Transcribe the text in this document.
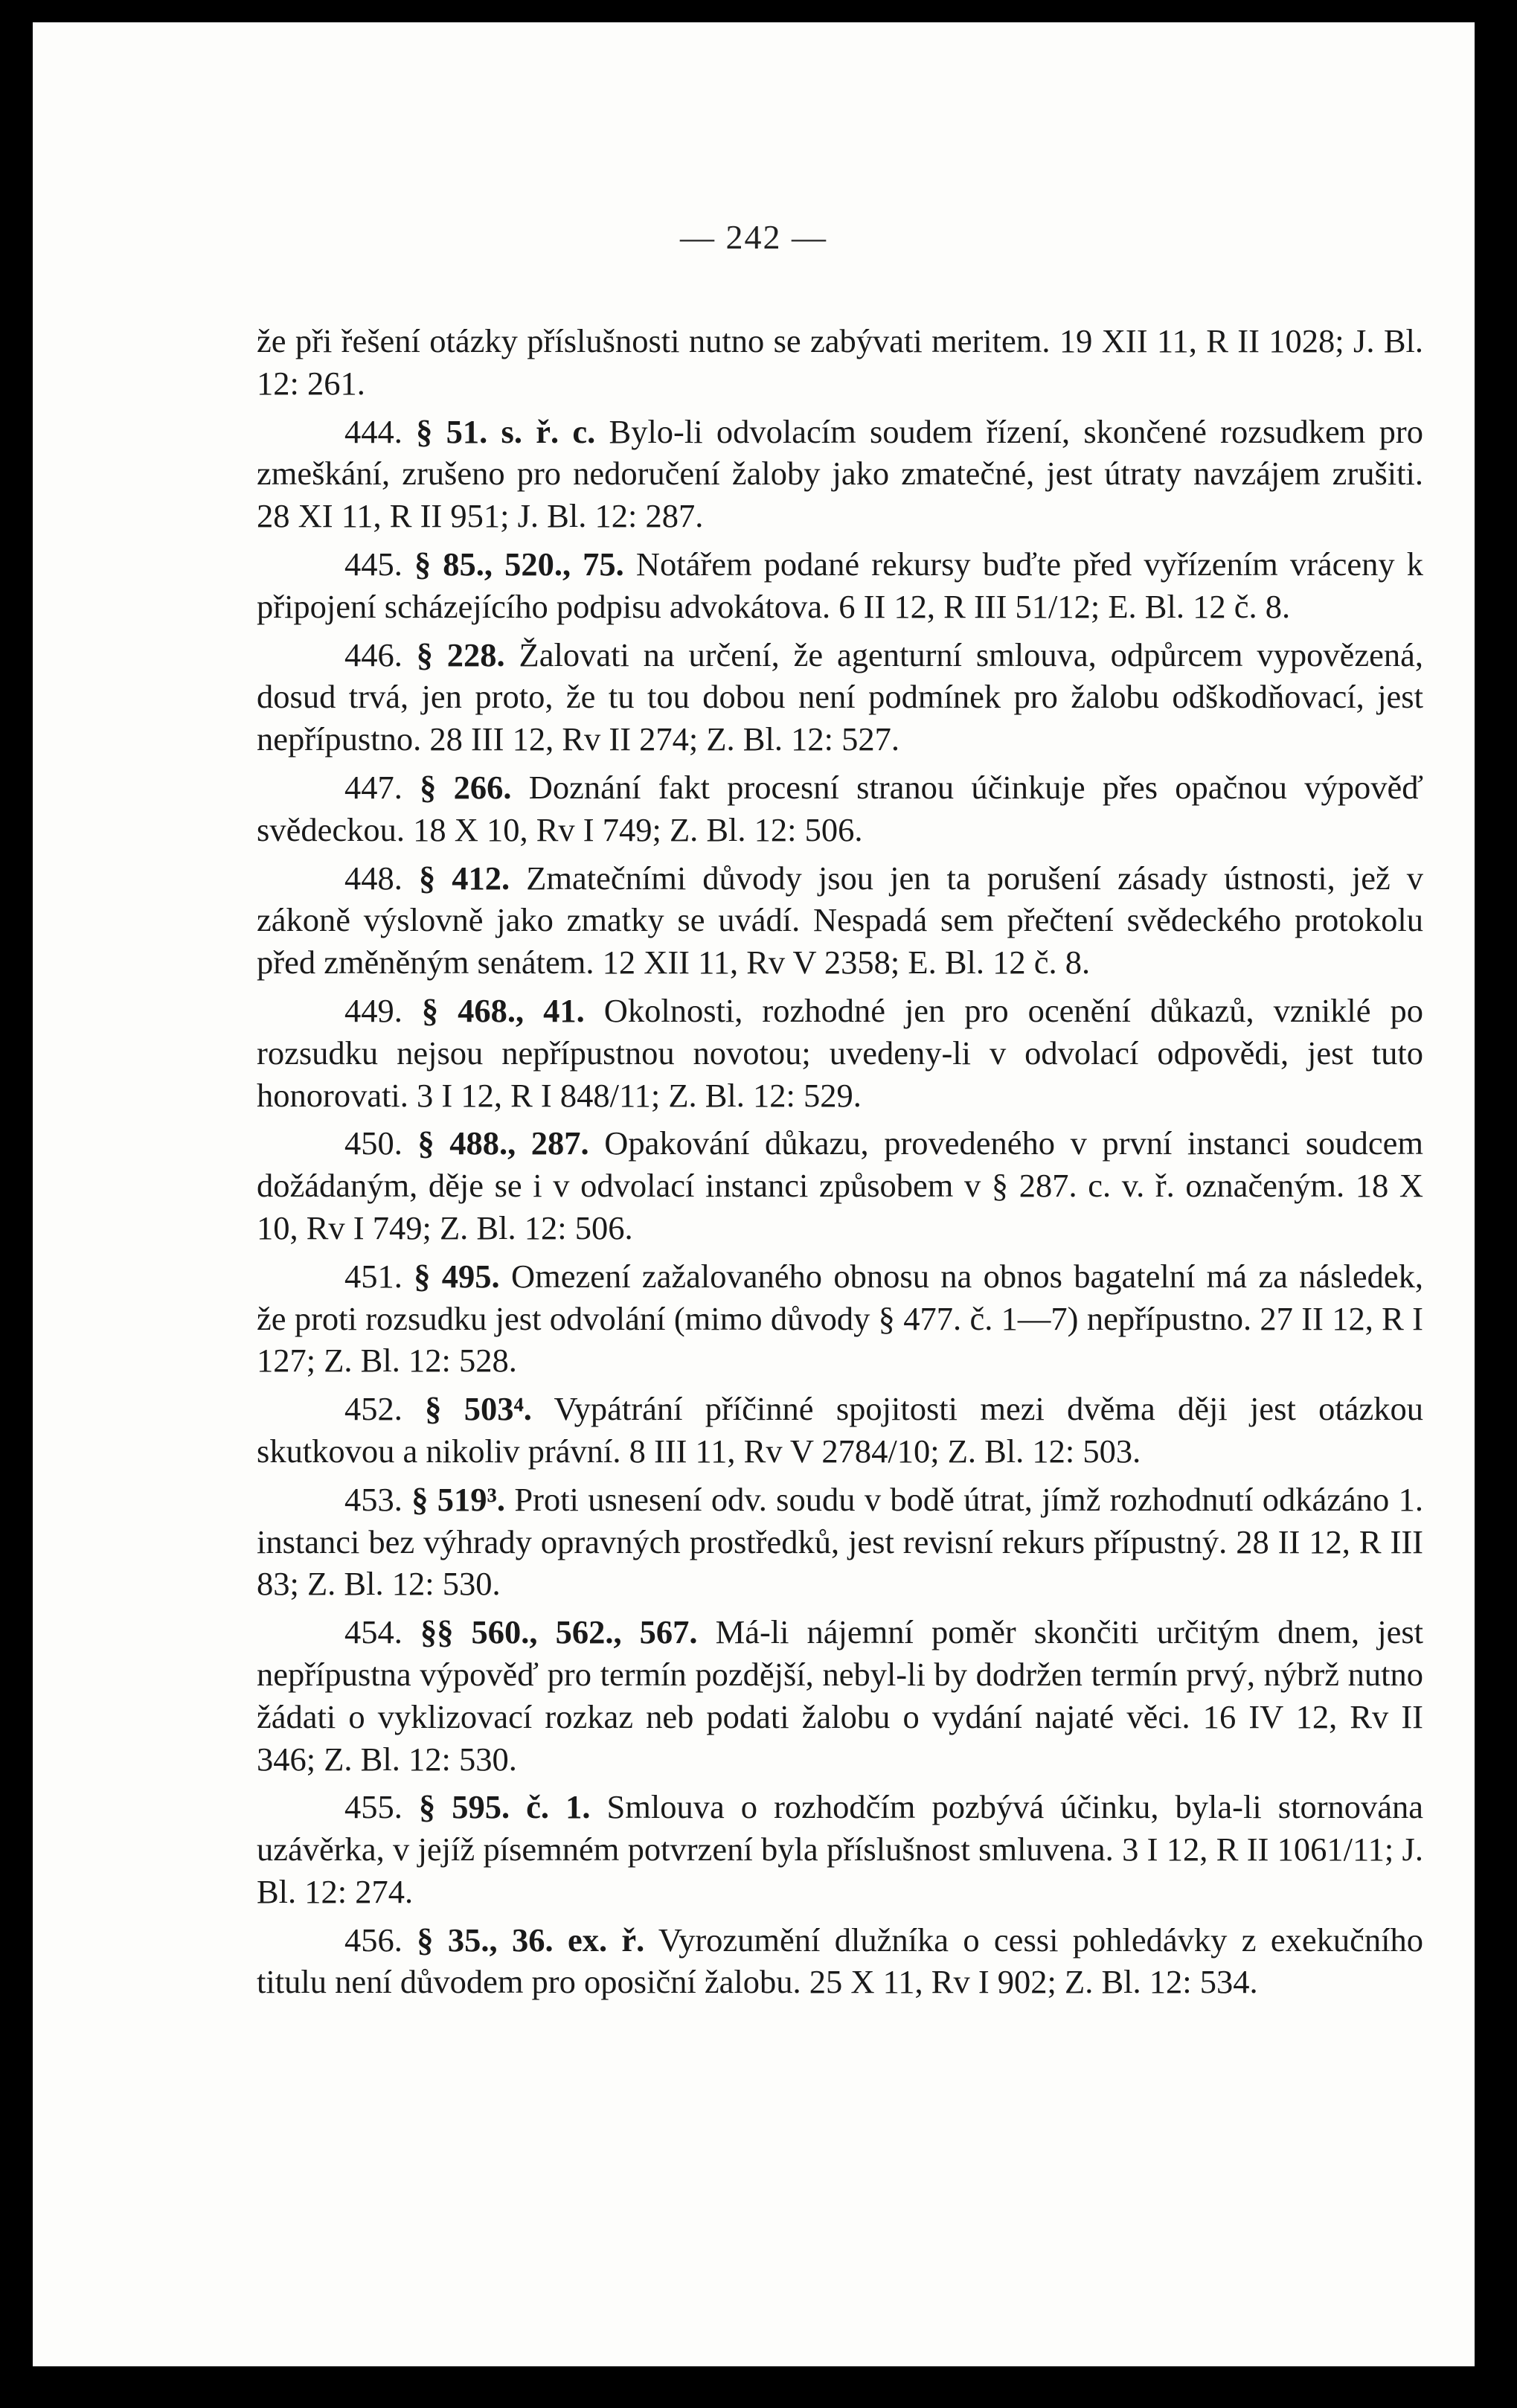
— 242 —

že při řešení otázky příslušnosti nutno se zabývati meritem. 19 XII 11, R II 1028; J. Bl. 12: 261.

444. § 51. s. ř. c. Bylo-li odvolacím soudem řízení, skončené rozsudkem pro zmeškání, zrušeno pro nedoručení žaloby jako zmatečné, jest útraty navzájem zrušiti. 28 XI 11, R II 951; J. Bl. 12: 287.

445. § 85., 520., 75. Notářem podané rekursy buďte před vyřízením vráceny k připojení scházejícího podpisu advokátova. 6 II 12, R III 51/12; E. Bl. 12 č. 8.

446. § 228. Žalovati na určení, že agenturní smlouva, odpůrcem vypovězená, dosud trvá, jen proto, že tu tou dobou není podmínek pro žalobu odškodňovací, jest nepřípustno. 28 III 12, Rv II 274; Z. Bl. 12: 527.

447. § 266. Doznání fakt procesní stranou účinkuje přes opačnou výpověď svědeckou. 18 X 10, Rv I 749; Z. Bl. 12: 506.

448. § 412. Zmatečními důvody jsou jen ta porušení zásady ústnosti, jež v zákoně výslovně jako zmatky se uvádí. Nespadá sem přečtení svědeckého protokolu před změněným senátem. 12 XII 11, Rv V 2358; E. Bl. 12 č. 8.

449. § 468., 41. Okolnosti, rozhodné jen pro ocenění důkazů, vzniklé po rozsudku nejsou nepřípustnou novotou; uvedeny-li v odvolací odpovědi, jest tuto honorovati. 3 I 12, R I 848/11; Z. Bl. 12: 529.

450. § 488., 287. Opakování důkazu, provedeného v první instanci soudcem dožádaným, děje se i v odvolací instanci způsobem v § 287. c. v. ř. označeným. 18 X 10, Rv I 749; Z. Bl. 12: 506.

451. § 495. Omezení zažalovaného obnosu na obnos bagatelní má za následek, že proti rozsudku jest odvolání (mimo důvody § 477. č. 1—7) nepřípustno. 27 II 12, R I 127; Z. Bl. 12: 528.

452. § 503⁴. Vypátrání příčinné spojitosti mezi dvěma ději jest otázkou skutkovou a nikoliv právní. 8 III 11, Rv V 2784/10; Z. Bl. 12: 503.

453. § 519³. Proti usnesení odv. soudu v bodě útrat, jímž rozhodnutí odkázáno 1. instanci bez výhrady opravných prostředků, jest revisní rekurs přípustný. 28 II 12, R III 83; Z. Bl. 12: 530.

454. §§ 560., 562., 567. Má-li nájemní poměr skončiti určitým dnem, jest nepřípustna výpověď pro termín pozdější, nebyl-li by dodržen termín prvý, nýbrž nutno žádati o vyklizovací rozkaz neb podati žalobu o vydání najaté věci. 16 IV 12, Rv II 346; Z. Bl. 12: 530.

455. § 595. č. 1. Smlouva o rozhodčím pozbývá účinku, byla-li stornována uzávěrka, v jejíž písemném potvrzení byla příslušnost smluvena. 3 I 12, R II 1061/11; J. Bl. 12: 274.

456. § 35., 36. ex. ř. Vyrozumění dlužníka o cessi pohledávky z exekučního titulu není důvodem pro oposiční žalobu. 25 X 11, Rv I 902; Z. Bl. 12: 534.
